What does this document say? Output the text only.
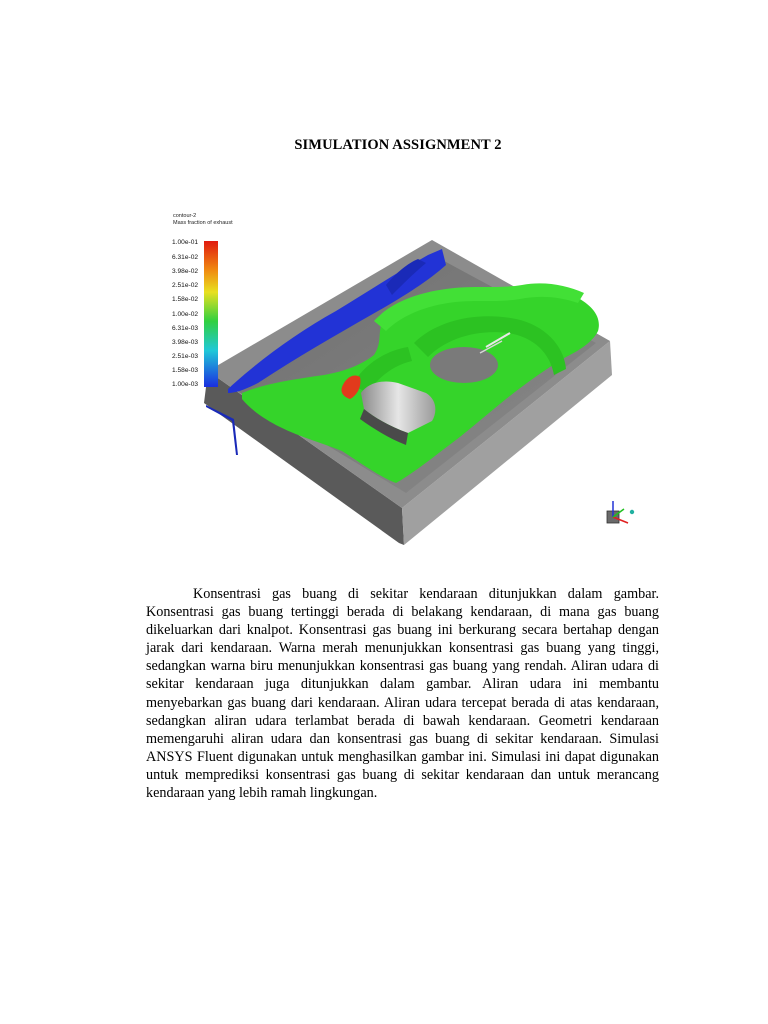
SIMULATION ASSIGNMENT 2
contour-2
Mass fraction of exhaust
1.00e-01
6.31e-02
3.98e-02
2.51e-02
1.58e-02
1.00e-02
6.31e-03
3.98e-03
2.51e-03
1.58e-03
1.00e-03

Konsentrasi gas buang di sekitar kendaraan ditunjukkan dalam gambar. Konsentrasi gas buang tertinggi berada di belakang kendaraan, di mana gas buang dikeluarkan dari knalpot. Konsentrasi gas buang ini berkurang secara bertahap dengan jarak dari kendaraan. Warna merah menunjukkan konsentrasi gas buang yang tinggi, sedangkan warna biru menunjukkan konsentrasi gas buang yang rendah. Aliran udara di sekitar kendaraan juga ditunjukkan dalam gambar. Aliran udara ini membantu menyebarkan gas buang dari kendaraan. Aliran udara tercepat berada di atas kendaraan, sedangkan aliran udara terlambat berada di bawah kendaraan. Geometri kendaraan memengaruhi aliran udara dan konsentrasi gas buang di sekitar kendaraan. Simulasi ANSYS Fluent digunakan untuk menghasilkan gambar ini. Simulasi ini dapat digunakan untuk memprediksi konsentrasi gas buang di sekitar kendaraan dan untuk merancang kendaraan yang lebih ramah lingkungan.
